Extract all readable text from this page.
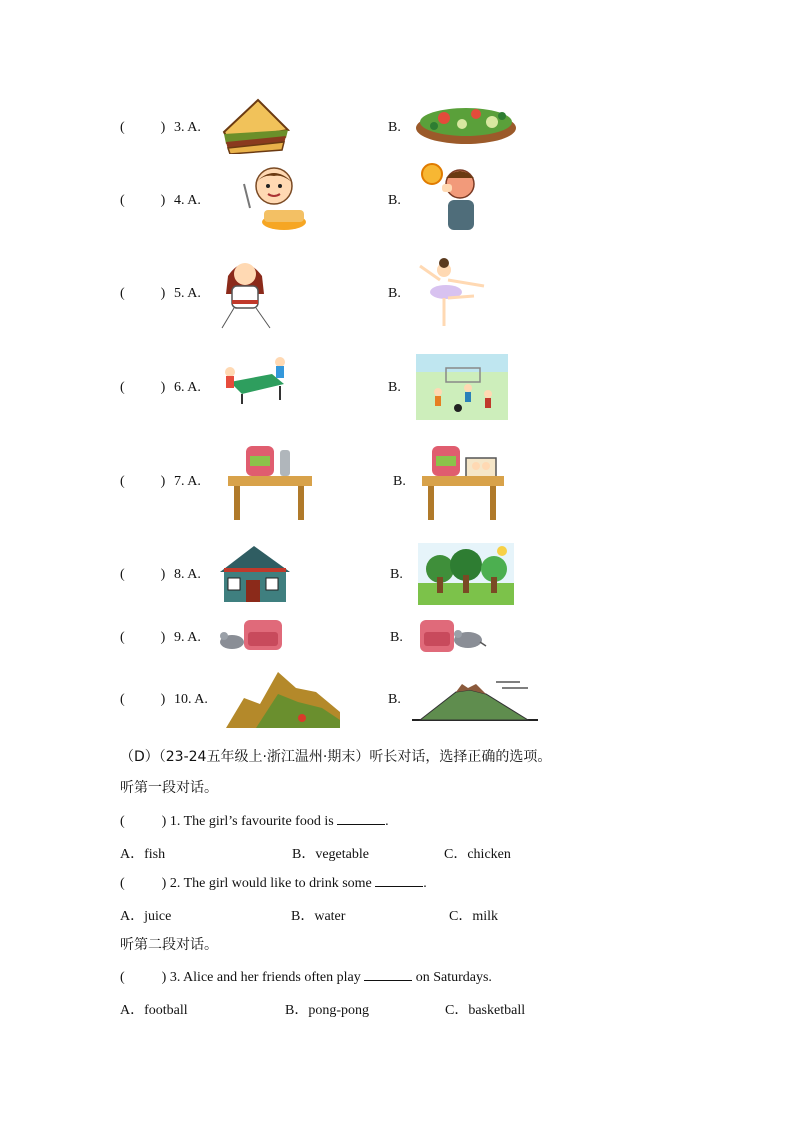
(	) 3. A.	B.
(	) 4. A.	B.
(	) 5. A.	B.
(	) 6. A.	B.
(	) 7. A.	B.
(	) 8. A.	B.
(	) 9. A.	B.
(	) 10. A.	B.
（D）（23-24五年级上·浙江温州·期末）听长对话，选择正确的选项。
听第一段对话。
(	) 1. The girl’s favourite food is	.
A．fish	B．vegetable	C．chicken
(	) 2. The girl would like to drink some	.
A．juice	B．water	C．milk
听第二段对话。
(	) 3. Alice and her friends often play	on Saturdays.
A．football	B．pong-pong	C．basketball
